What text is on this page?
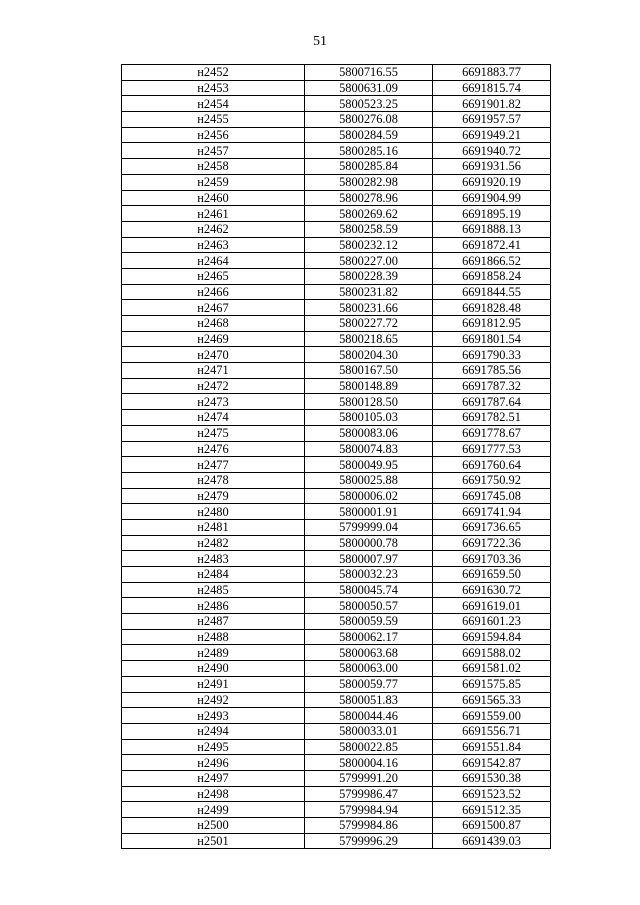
51
н2452	5800716.55	6691883.77
н2453	5800631.09	6691815.74
н2454	5800523.25	6691901.82
н2455	5800276.08	6691957.57
н2456	5800284.59	6691949.21
н2457	5800285.16	6691940.72
н2458	5800285.84	6691931.56
н2459	5800282.98	6691920.19
н2460	5800278.96	6691904.99
н2461	5800269.62	6691895.19
н2462	5800258.59	6691888.13
н2463	5800232.12	6691872.41
н2464	5800227.00	6691866.52
н2465	5800228.39	6691858.24
н2466	5800231.82	6691844.55
н2467	5800231.66	6691828.48
н2468	5800227.72	6691812.95
н2469	5800218.65	6691801.54
н2470	5800204.30	6691790.33
н2471	5800167.50	6691785.56
н2472	5800148.89	6691787.32
н2473	5800128.50	6691787.64
н2474	5800105.03	6691782.51
н2475	5800083.06	6691778.67
н2476	5800074.83	6691777.53
н2477	5800049.95	6691760.64
н2478	5800025.88	6691750.92
н2479	5800006.02	6691745.08
н2480	5800001.91	6691741.94
н2481	5799999.04	6691736.65
н2482	5800000.78	6691722.36
н2483	5800007.97	6691703.36
н2484	5800032.23	6691659.50
н2485	5800045.74	6691630.72
н2486	5800050.57	6691619.01
н2487	5800059.59	6691601.23
н2488	5800062.17	6691594.84
н2489	5800063.68	6691588.02
н2490	5800063.00	6691581.02
н2491	5800059.77	6691575.85
н2492	5800051.83	6691565.33
н2493	5800044.46	6691559.00
н2494	5800033.01	6691556.71
н2495	5800022.85	6691551.84
н2496	5800004.16	6691542.87
н2497	5799991.20	6691530.38
н2498	5799986.47	6691523.52
н2499	5799984.94	6691512.35
н2500	5799984.86	6691500.87
н2501	5799996.29	6691439.03
